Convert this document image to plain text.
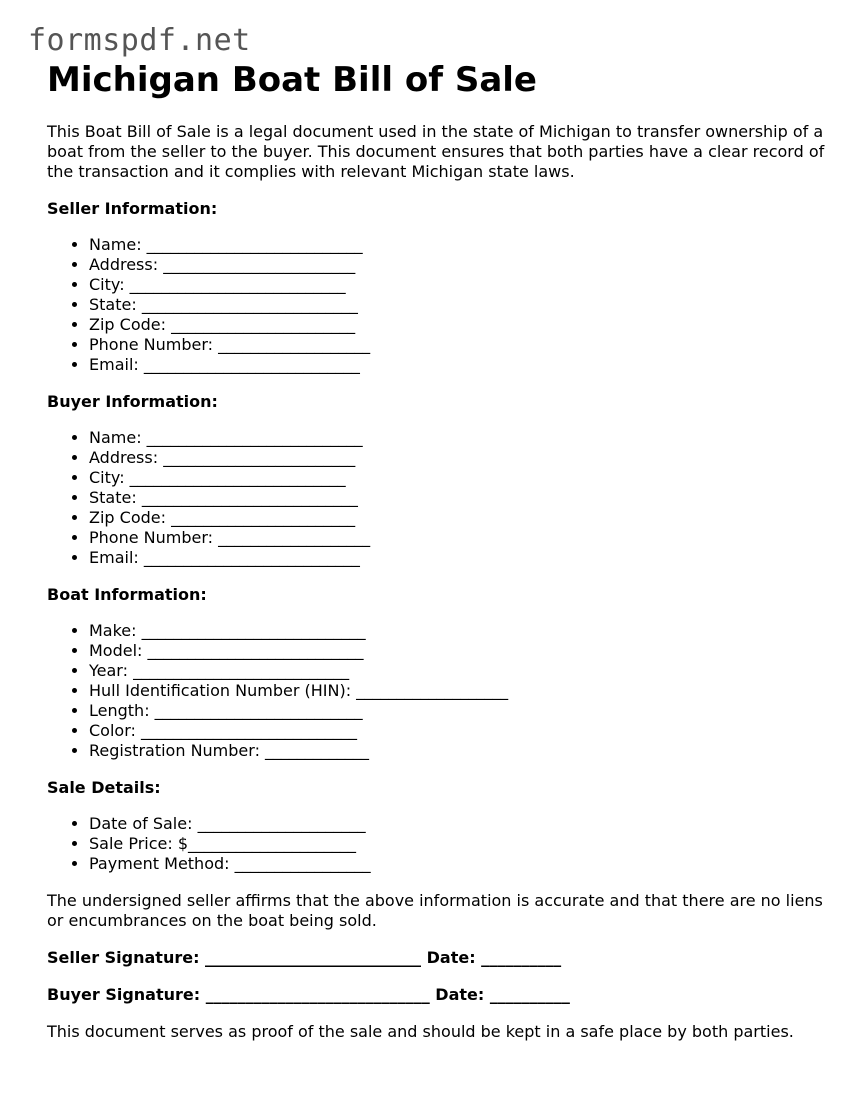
formspdf.net
Michigan Boat Bill of Sale

This Boat Bill of Sale is a legal document used in the state of Michigan to transfer ownership of a boat from the seller to the buyer. This document ensures that both parties have a clear record of the transaction and it complies with relevant Michigan state laws.

Seller Information:
• Name: ___________________________
• Address: ________________________
• City: ___________________________
• State: ___________________________
• Zip Code: _______________________
• Phone Number: ___________________
• Email: ___________________________
Buyer Information:
• Name: ___________________________
• Address: ________________________
• City: ___________________________
• State: ___________________________
• Zip Code: _______________________
• Phone Number: ___________________
• Email: ___________________________
Boat Information:
• Make: ____________________________
• Model: ___________________________
• Year: ___________________________
• Hull Identification Number (HIN): ___________________
• Length: __________________________
• Color: ___________________________
• Registration Number: _____________
Sale Details:
• Date of Sale: _____________________
• Sale Price: $_____________________
• Payment Method: _________________

The undersigned seller affirms that the above information is accurate and that there are no liens or encumbrances on the boat being sold.

Seller Signature: ___________________________ Date: __________

Buyer Signature: ____________________________ Date: __________

This document serves as proof of the sale and should be kept in a safe place by both parties.
